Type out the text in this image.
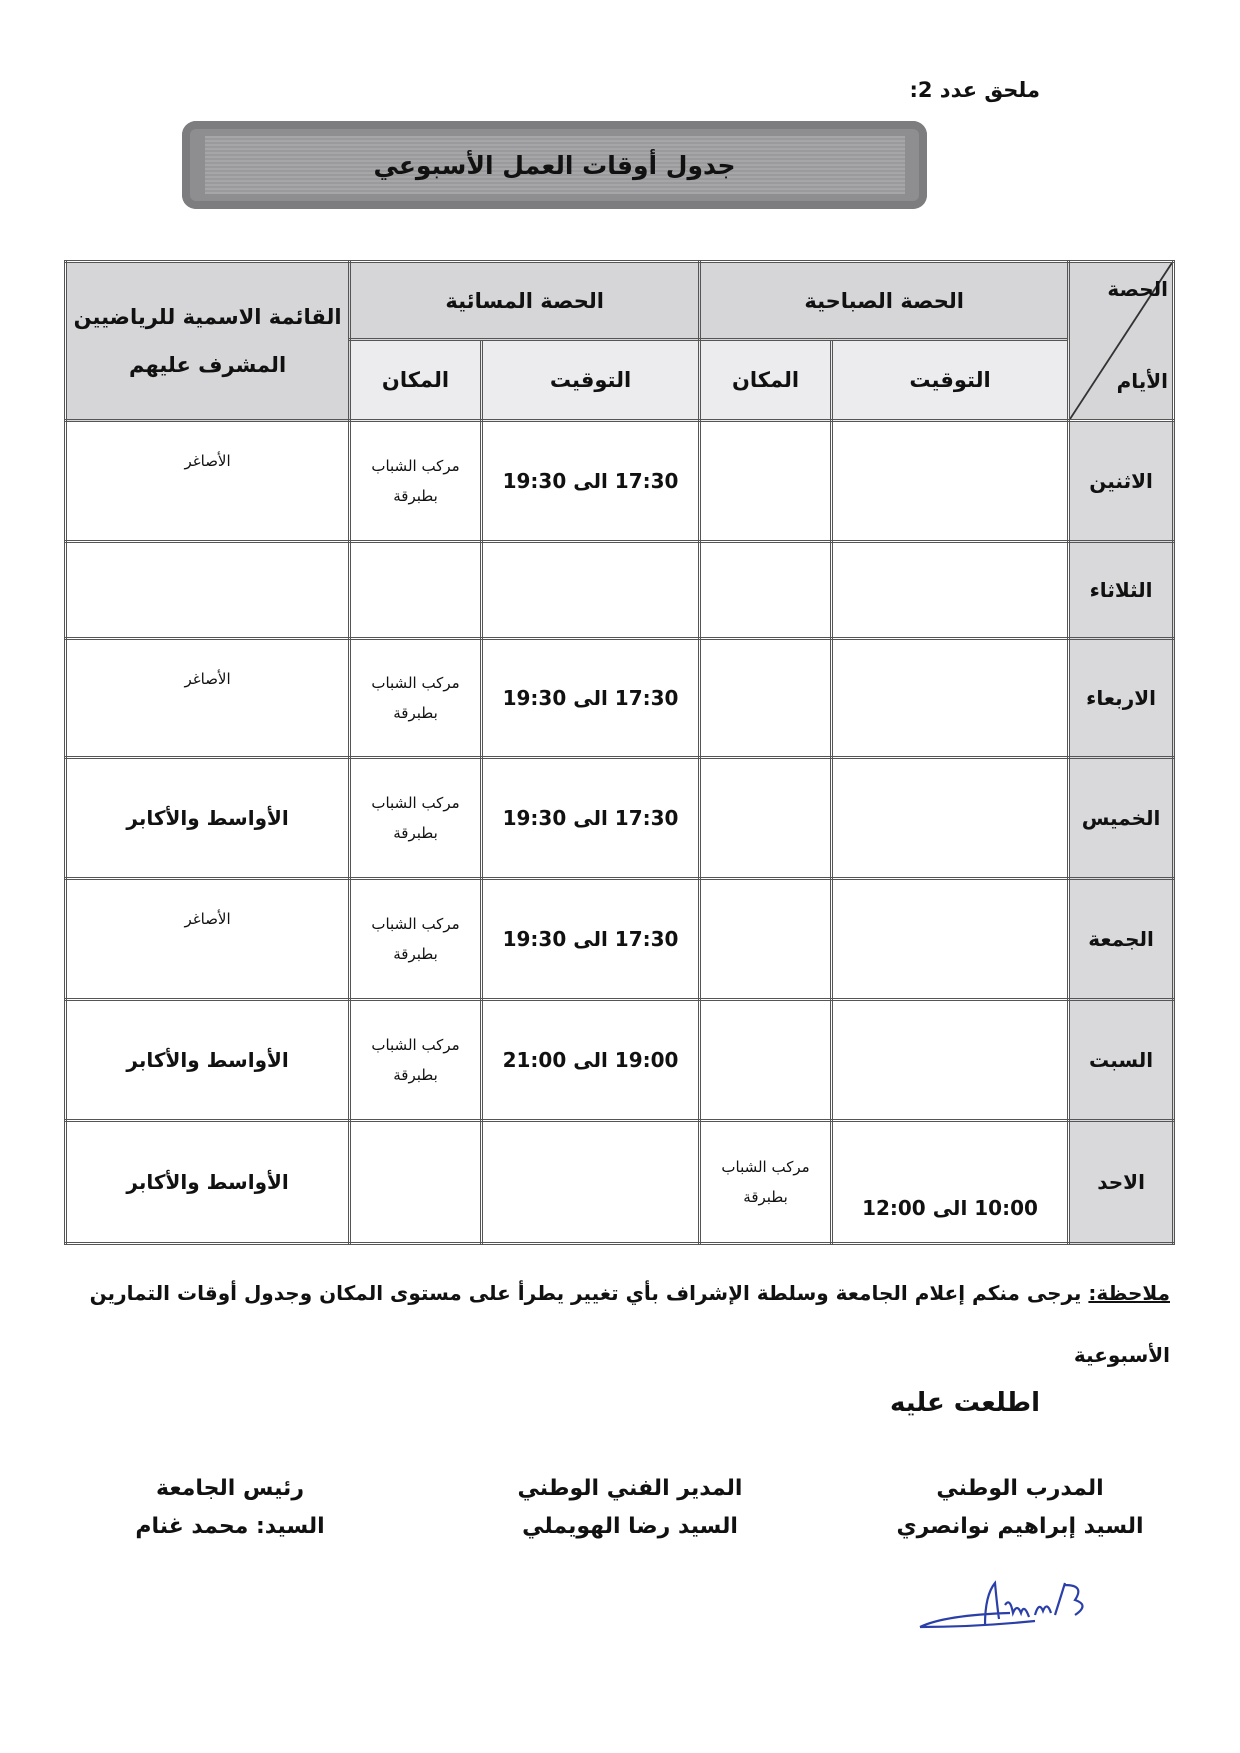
ملحق عدد 2:
جدول أوقات العمل الأسبوعي
الحصة
الأيام	الحصة الصباحية		الحصة المسائية		القائمة الاسمية للرياضيين المشرف عليهم
	التوقيت	المكان	التوقيت	المكان	
الاثنين			17:30 الى 19:30	مركب الشباب بطبرقة	الأصاغر
الثلاثاء					
الاربعاء			17:30 الى 19:30	مركب الشباب بطبرقة	الأصاغر
الخميس			17:30 الى 19:30	مركب الشباب بطبرقة	الأواسط والأكابر
الجمعة			17:30 الى 19:30	مركب الشباب بطبرقة	الأصاغر
السبت			19:00 الى 21:00	مركب الشباب بطبرقة	الأواسط والأكابر
الاحد	10:00 الى 12:00	مركب الشباب بطبرقة			الأواسط والأكابر
ملاحظة: يرجى منكم إعلام الجامعة وسلطة الإشراف بأي تغيير يطرأ على مستوى المكان وجدول أوقات التمارين الأسبوعية
اطلعت عليه
المدرب الوطني
السيد إبراهيم نوانصري
المدير الفني الوطني
السيد رضا الهويملي
رئيس الجامعة
السيد: محمد غنام
